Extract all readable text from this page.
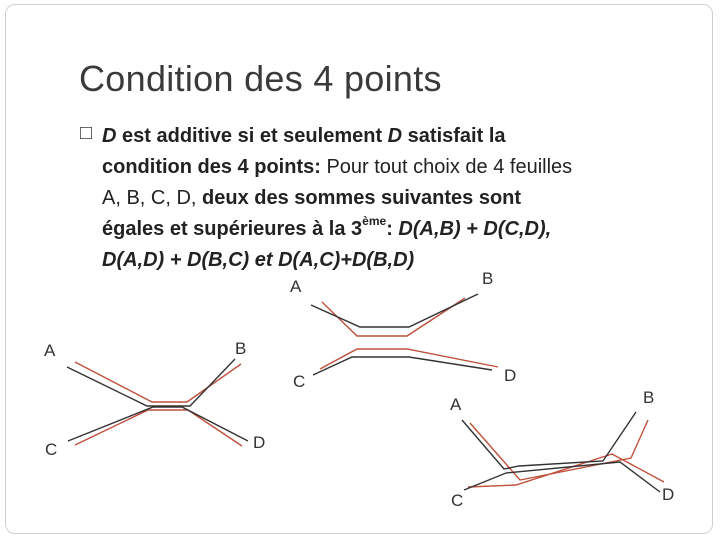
Condition des 4 points
□ D est additive si et seulement D satisfait la
condition des 4 points: Pour tout choix de 4 feuilles
A, B, C, D, deux des sommes suivantes sont
égales et supérieures à la 3ème: D(A,B) + D(C,D),
D(A,D) + D(B,C) et D(A,C)+D(B,D)
A	B
C	D
A	B
C	D
A	B
C	D
